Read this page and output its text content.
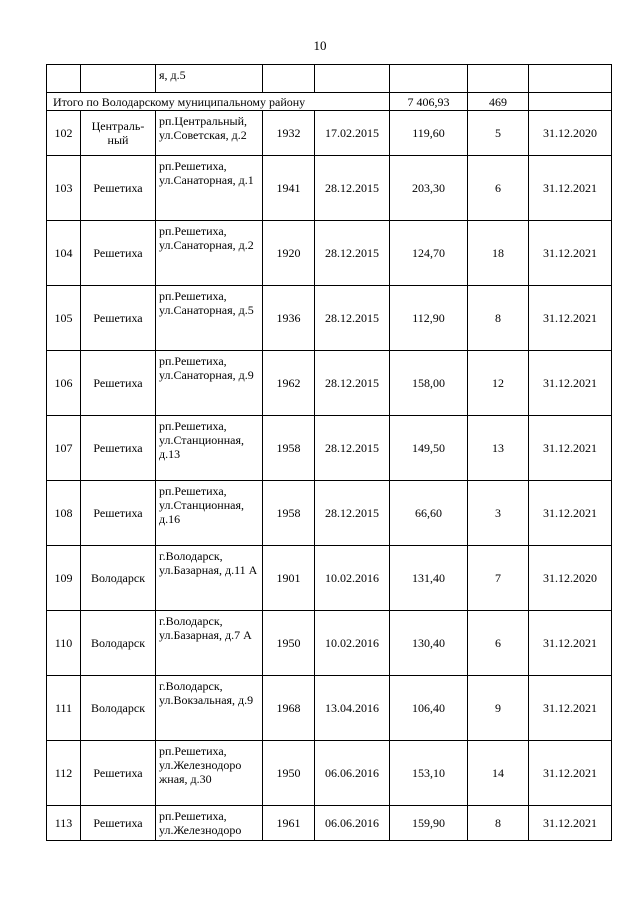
10
		я, д.5					
Итого по Володарскому муниципальному району					7 406,93	469	
102	Централь-ный	рп.Центральный, ул.Советская, д.2	1932	17.02.2015	119,60	5	31.12.2020
103	Решетиха	рп.Решетиха, ул.Санаторная, д.1	1941	28.12.2015	203,30	6	31.12.2021
104	Решетиха	рп.Решетиха, ул.Санаторная, д.2	1920	28.12.2015	124,70	18	31.12.2021
105	Решетиха	рп.Решетиха, ул.Санаторная, д.5	1936	28.12.2015	112,90	8	31.12.2021
106	Решетиха	рп.Решетиха, ул.Санаторная, д.9	1962	28.12.2015	158,00	12	31.12.2021
107	Решетиха	рп.Решетиха, ул.Станционная, д.13	1958	28.12.2015	149,50	13	31.12.2021
108	Решетиха	рп.Решетиха, ул.Станционная, д.16	1958	28.12.2015	66,60	3	31.12.2021
109	Володарск	г.Володарск, ул.Базарная, д.11 А	1901	10.02.2016	131,40	7	31.12.2020
110	Володарск	г.Володарск, ул.Базарная, д.7 А	1950	10.02.2016	130,40	6	31.12.2021
111	Володарск	г.Володарск, ул.Вокзальная, д.9	1968	13.04.2016	106,40	9	31.12.2021
112	Решетиха	рп.Решетиха, ул.Железнодоро жная, д.30	1950	06.06.2016	153,10	14	31.12.2021
113	Решетиха	рп.Решетиха, ул.Железнодоро	1961	06.06.2016	159,90	8	31.12.2021
